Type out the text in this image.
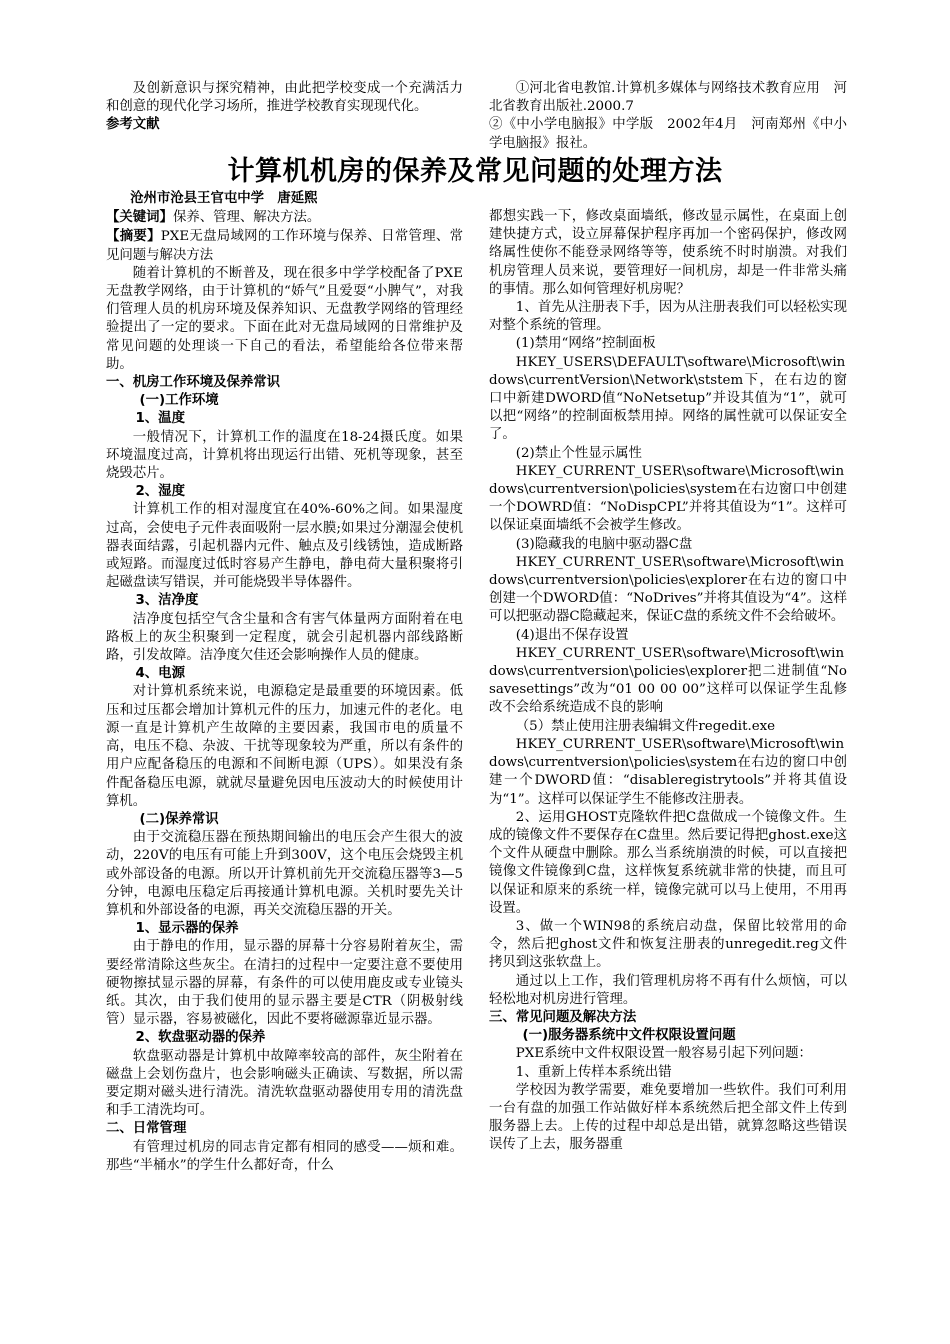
及创新意识与探究精神，由此把学校变成一个充满活力和创意的现代化学习场所，推进学校教育实现现代化。

参考文献

①河北省电教馆.计算机多媒体与网络技术教育应用　河北省教育出版社.2000.7

②《中小学电脑报》中学版　2002年4月　河南郑州《中小学电脑报》报社。

计算机机房的保养及常见问题的处理方法

沧州市沧县王官屯中学　唐延熙

【关键词】保养、管理、解决方法。

【摘要】PXE无盘局域网的工作环境与保养、日常管理、常见问题与解决方法

随着计算机的不断普及，现在很多中学学校配备了PXE无盘教学网络，由于计算机的“娇气”且爱耍“小脾气”，对我们管理人员的机房环境及保养知识、无盘教学网络的管理经验提出了一定的要求。下面在此对无盘局域网的日常维护及常见问题的处理谈一下自己的看法，希望能给各位带来帮助。

一、机房工作环境及保养常识

(一)工作环境

1、温度

一般情况下，计算机工作的温度在18-24摄氏度。如果环境温度过高，计算机将出现运行出错、死机等现象，甚至烧毁芯片。

2、湿度

计算机工作的相对湿度宜在40%-60%之间。如果湿度过高，会使电子元件表面吸附一层水膜;如果过分潮湿会使机器表面结露，引起机器内元件、触点及引线锈蚀，造成断路或短路。而湿度过低时容易产生静电，静电荷大量积聚将引起磁盘读写错误，并可能烧毁半导体器件。

3、洁净度

洁净度包括空气含尘量和含有害气体量两方面附着在电路板上的灰尘积聚到一定程度，就会引起机器内部线路断路，引发故障。洁净度欠佳还会影响操作人员的健康。

4、电源

对计算机系统来说，电源稳定是最重要的环境因素。低压和过压都会增加计算机元件的压力，加速元件的老化。电源一直是计算机产生故障的主要因素，我国市电的质量不高，电压不稳、杂波、干扰等现象较为严重，所以有条件的用户应配备稳压的电源和不间断电源（UPS）。如果没有条件配备稳压电源，就就尽量避免因电压波动大的时候使用计算机。

(二)保养常识

由于交流稳压器在预热期间输出的电压会产生很大的波动，220V的电压有可能上升到300V，这个电压会烧毁主机或外部设备的电源。所以开计算机前先开交流稳压器等3—5分钟，电源电压稳定后再接通计算机电源。关机时要先关计算机和外部设备的电源，再关交流稳压器的开关。

1、显示器的保养

由于静电的作用，显示器的屏幕十分容易附着灰尘，需要经常清除这些灰尘。在清扫的过程中一定要注意不要使用硬物擦拭显示器的屏幕，有条件的可以使用鹿皮或专业镜头纸。其次，由于我们使用的显示器主要是CTR（阴极射线管）显示器，容易被磁化，因此不要将磁源靠近显示器。

2、软盘驱动器的保养

软盘驱动器是计算机中故障率较高的部件，灰尘附着在磁盘上会划伤盘片，也会影响磁头正确读、写数据，所以需要定期对磁头进行清洗。清洗软盘驱动器使用专用的清洗盘和手工清洗均可。

二、日常管理

有管理过机房的同志肯定都有相同的感受——烦和难。那些“半桶水”的学生什么都好奇，什么

都想实践一下，修改桌面墙纸，修改显示属性，在桌面上创建快捷方式，设立屏幕保护程序再加一个密码保护，修改网络属性使你不能登录网络等等，使系统不时时崩溃。对我们机房管理人员来说，要管理好一间机房，却是一件非常头痛的事情。那么如何管理好机房呢？

1、首先从注册表下手，因为从注册表我们可以轻松实现对整个系统的管理。

(1)禁用“网络”控制面板

HKEY_USERS\DEFAULT\software\Microsoft\windows\currentVersion\Network\ststem下，在右边的窗口中新建DWORD值“NoNetsetup”并设其值为“1”，就可以把“网络”的控制面板禁用掉。网络的属性就可以保证安全了。

(2)禁止个性显示属性

HKEY_CURRENT_USER\software\Microsoft\windows\currentversion\policies\system在右边窗口中创建一个DOWRD值：“NoDispCPL”并将其值设为“1”。这样可以保证桌面墙纸不会被学生修改。

(3)隐藏我的电脑中驱动器C盘

HKEY_CURRENT_USER\software\Microsoft\windows\currentversion\policies\explorer在右边的窗口中创建一个DWORD值：“NoDrives”并将其值设为“4”。这样可以把驱动器C隐藏起来，保证C盘的系统文件不会给破坏。

(4)退出不保存设置

HKEY_CURRENT_USER\software\Microsoft\windows\currentversion\policies\explorer把二进制值“Nosavesettings”改为“01 00 00 00”这样可以保证学生乱修改不会给系统造成不良的影响

（5）禁止使用注册表编辑文件regedit.exe

HKEY_CURRENT_USER\software\Microsoft\windows\currentversion\policies\system在右边的窗口中创建一个DWORD值：“disableregistrytools”并将其值设为“1”。这样可以保证学生不能修改注册表。

2、运用GHOST克隆软件把C盘做成一个镜像文件。生成的镜像文件不要保存在C盘里。然后要记得把ghost.exe这个文件从硬盘中删除。那么当系统崩溃的时候，可以直接把镜像文件镜像到C盘，这样恢复系统就非常的快捷，而且可以保证和原来的系统一样，镜像完就可以马上使用，不用再设置。

3、做一个WIN98的系统启动盘，保留比较常用的命令，然后把ghost文件和恢复注册表的unregedit.reg文件拷贝到这张软盘上。

通过以上工作，我们管理机房将不再有什么烦恼，可以轻松地对机房进行管理。

三、常见问题及解决方法

(一)服务器系统中文件权限设置问题

PXE系统中文件权限设置一般容易引起下列问题：

1、重新上传样本系统出错

学校因为教学需要，难免要增加一些软件。我们可利用一台有盘的加强工作站做好样本系统然后把全部文件上传到服务器上去。上传的过程中却总是出错，就算忽略这些错误误传了上去，服务器重
